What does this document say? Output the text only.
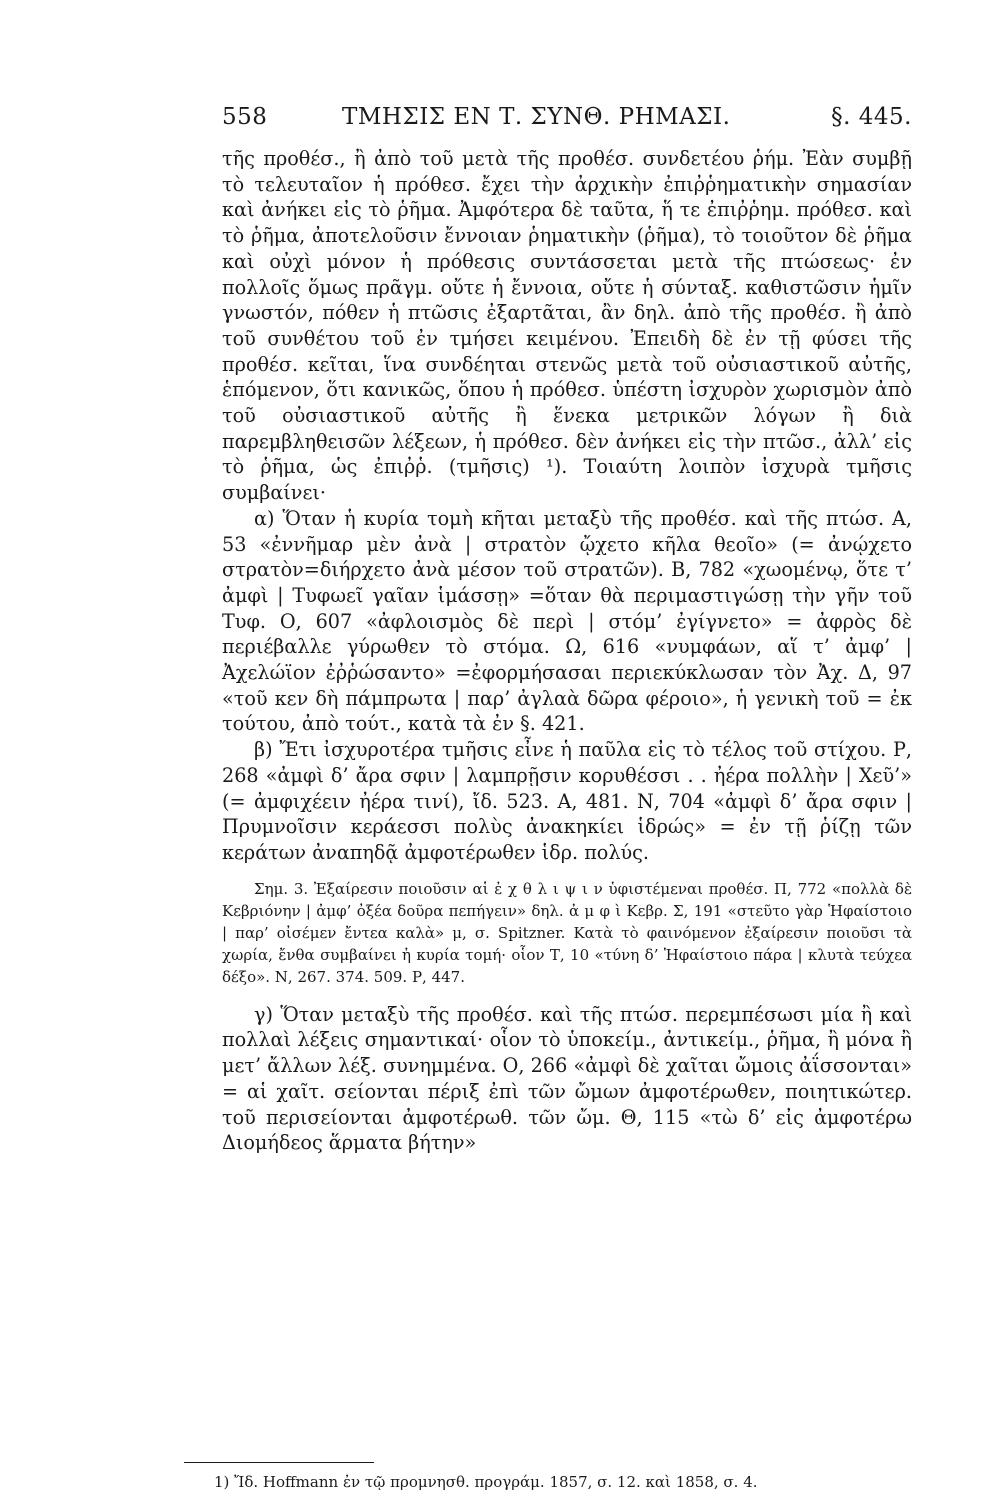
558	ΤΜΗΣΙΣ ΕΝ Τ. ΣΥΝΘ. ΡΗΜΑΣΙ.	§. 445.

τῆς προθέσ., ἢ ἀπὸ τοῦ μετὰ τῆς προθέσ. συνδετέου ῥήμ. Ἐὰν συμβῇ τὸ τελευταῖον ἡ πρόθεσ. ἔχει τὴν ἀρχικὴν ἐπιῤῥηματικὴν σημασίαν καὶ ἀνήκει εἰς τὸ ῥῆμα. Ἀμφότερα δὲ ταῦτα, ἥ τε ἐπιῤῥημ. πρόθεσ. καὶ τὸ ῥῆμα, ἀποτελοῦσιν ἔννοιαν ῥηματικὴν (ῥῆμα), τὸ τοιοῦτον δὲ ῥῆμα καὶ οὐχὶ μόνον ἡ πρόθεσις συντάσσεται μετὰ τῆς πτώσεως· ἐν πολλοῖς ὅμως πρᾶγμ. οὔτε ἡ ἔννοια, οὔτε ἡ σύνταξ. καθιστῶσιν ἡμῖν γνωστόν, πόθεν ἡ πτῶσις ἐξαρτᾶται, ἂν δηλ. ἀπὸ τῆς προθέσ. ἢ ἀπὸ τοῦ συνθέτου τοῦ ἐν τμήσει κειμένου. Ἐπειδὴ δὲ ἐν τῇ φύσει τῆς προθέσ. κεῖται, ἵνα συνδέηται στενῶς μετὰ τοῦ οὐσιαστικοῦ αὐτῆς, ἑπόμενον, ὅτι κανικῶς, ὅπου ἡ πρόθεσ. ὑπέστη ἰσχυρὸν χωρισμὸν ἀπὸ τοῦ οὐσιαστικοῦ αὐτῆς ἢ ἕνεκα μετρικῶν λόγων ἢ διὰ παρεμβληθεισῶν λέξεων, ἡ πρόθεσ. δὲν ἀνήκει εἰς τὴν πτῶσ., ἀλλ’ εἰς τὸ ῥῆμα, ὡς ἐπιῤῥ. (τμῆσις) ¹). Τοιαύτη λοιπὸν ἰσχυρὰ τμῆσις συμβαίνει·

α) Ὅταν ἡ κυρία τομὴ κῆται μεταξὺ τῆς προθέσ. καὶ τῆς πτώσ. Α, 53 «ἐννῆμαρ μὲν ἀνὰ | στρατὸν ᾤχετο κῆλα θεοῖο» (= ἀνῴχετο στρατὸν=διήρχετο ἀνὰ μέσον τοῦ στρατῶν). Β, 782 «χωομένῳ, ὅτε τ’ ἀμφὶ | Τυφωεῖ γαῖαν ἱμάσσῃ» =ὅταν θὰ περιμαστιγώσῃ τὴν γῆν τοῦ Τυφ. Ο, 607 «ἀφλοισμὸς δὲ περὶ | στόμ’ ἐγίγνετο» = ἀφρὸς δὲ περιέβαλλε γύρωθεν τὸ στόμα. Ω, 616 «νυμφάων, αἵ τ’ ἀμφ’ | Ἀχελώϊον ἐῤῥώσαντο» =ἐφορμήσασαι περιεκύκλωσαν τὸν Ἀχ. Δ, 97 «τοῦ κεν δὴ πάμπρωτα | παρ’ ἀγλαὰ δῶρα φέροιο», ἡ γενικὴ τοῦ = ἐκ τούτου, ἀπὸ τούτ., κατὰ τὰ ἐν §. 421.

β) Ἔτι ἰσχυροτέρα τμῆσις εἶνε ἡ παῦλα εἰς τὸ τέλος τοῦ στίχου. Ρ, 268 «ἀμφὶ δ’ ἄρα σφιν | λαμπρῇσιν κορυθέσσι . . ἠέρα πολλὴν | Χεῦ’» (= ἀμφιχέειν ἠέρα τινί), ἴδ. 523. Α, 481. Ν, 704 «ἀμφὶ δ’ ἄρα σφιν | Πρυμνοῖσιν κεράεσσι πολὺς ἀνακηκίει ἱδρώς» = ἐν τῇ ῥίζῃ τῶν κεράτων ἀναπηδᾷ ἀμφοτέρωθεν ἱδρ. πολύς.

Σημ. 3. Ἐξαίρεσιν ποιοῦσιν αἱ ἐ χ θ λ ι ψ ι ν ὑφιστέμεναι προθέσ. Π, 772 «πολλὰ δὲ Κεβριόνην | ἀμφ’ ὀξέα δοῦρα πεπήγειν» δηλ. ἀ μ φ ὶ Κεβρ. Σ, 191 «στεῦτο γὰρ Ἡφαίστοιο | παρ’ οἰσέμεν ἔντεα καλὰ» μ, σ. Spitzner. Κατὰ τὸ φαινόμενον ἐξαίρεσιν ποιοῦσι τὰ χωρία, ἔνθα συμβαίνει ἡ κυρία τομή· οἷον Τ, 10 «τύνη δ’ Ἡφαίστοιο πάρα | κλυτὰ τεύχεα δέξο». Ν, 267. 374. 509. Ρ, 447.

γ) Ὅταν μεταξὺ τῆς προθέσ. καὶ τῆς πτώσ. περεμπέσωσι μία ἢ καὶ πολλαὶ λέξεις σημαντικαί· οἷον τὸ ὑποκείμ., ἀντικείμ., ῥῆμα, ἢ μόνα ἢ μετ’ ἄλλων λέξ. συνημμένα. Ο, 266 «ἀμφὶ δὲ χαῖται ὤμοις ἀΐσσονται» = αἱ χαῖτ. σείονται πέριξ ἐπὶ τῶν ὤμων ἀμφοτέρωθεν, ποιητικώτερ. τοῦ περισείονται ἀμφοτέρωθ. τῶν ὤμ. Θ, 115 «τὼ δ’ εἰς ἀμφοτέρω Διομήδεος ἅρματα βήτην»

1) Ἴδ. Hoffmann ἐν τῷ προμνησθ. προγράμ. 1857, σ. 12. καὶ 1858, σ. 4.
